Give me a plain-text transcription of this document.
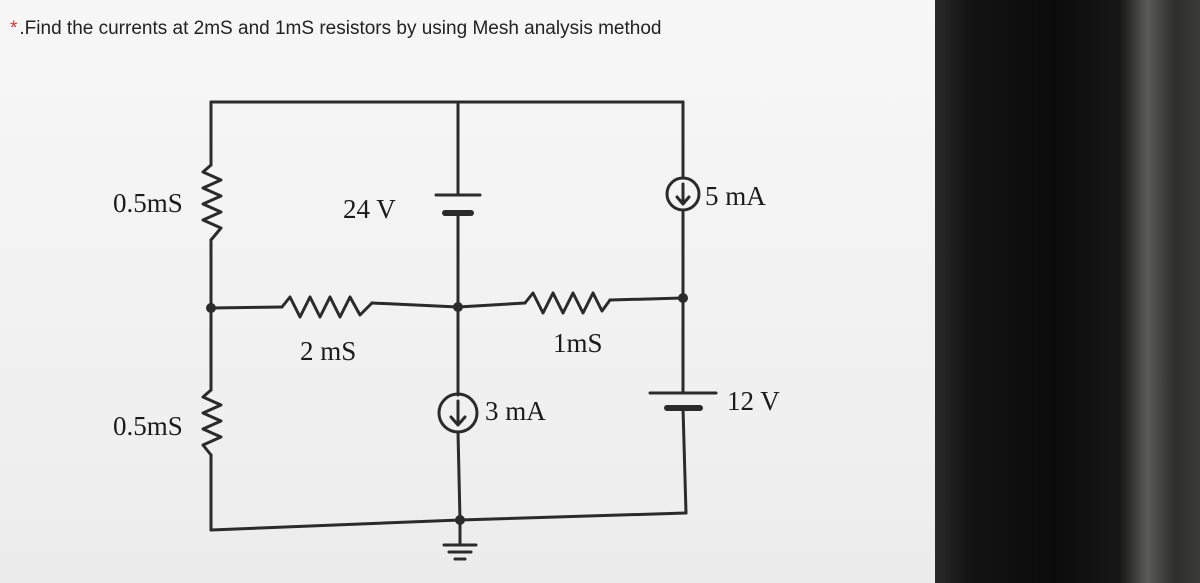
* .Find the currents at 2mS and 1mS resistors by using Mesh analysis method
0.5mS
0.5mS
24 V	5 mA
2 mS	1mS
3 mA	12 V
